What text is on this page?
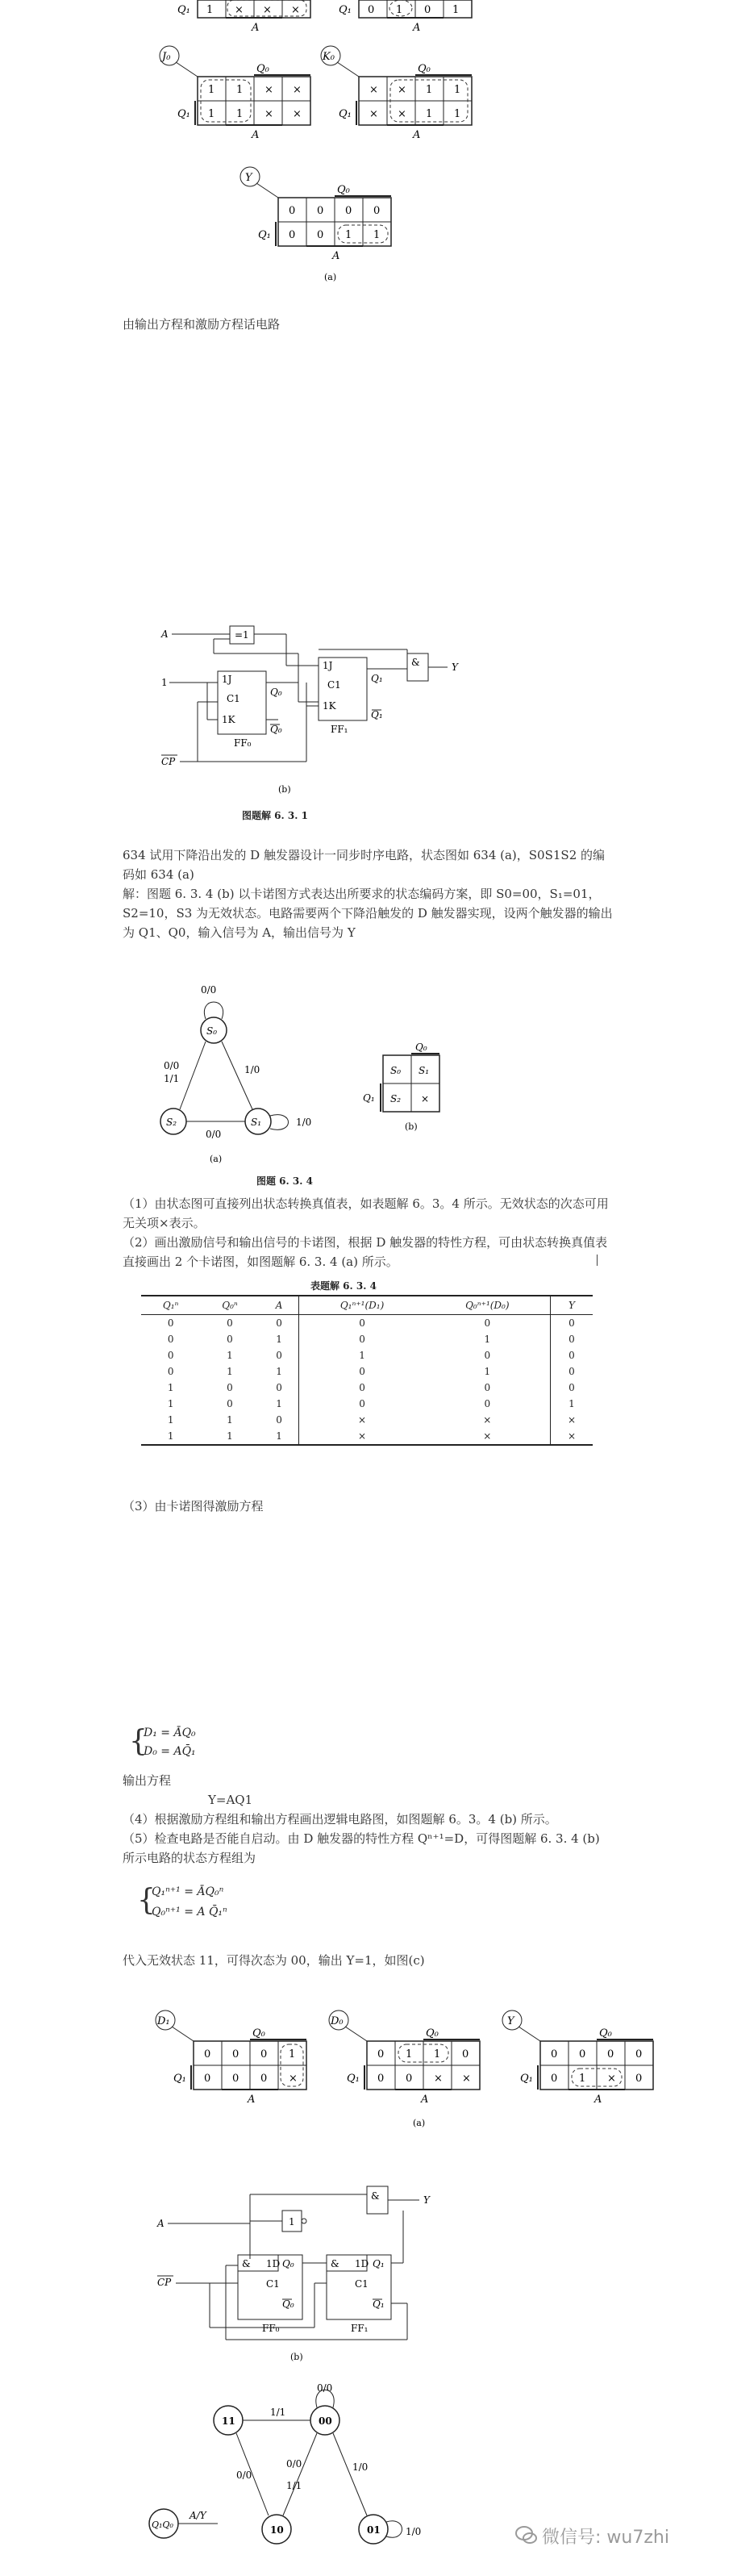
Q₁ 1 × × ×
A
Q₁ 0 1 0 1
A
J₀
Q₀
Q₁
1 1 × ×
1 1 × ×
A
K₀
Q₀
Q₁
× × 1 1
× × 1 1
A
Y
Q₀
Q₁
0 0 0 0
0 0 1 1
A
(a)
由输出方程和激励方程话电路
A	=1
1	1J
C1
1K
Q₀
Q₀
FF₀
1J
C1
1K
Q₁
Q₁
FF₁
&	Y
CP
(b)
图题解 6. 3. 1
634 试用下降沿出发的 D 触发器设计一同步时序电路，状态图如 634 (a)，S0S1S2 的编
码如 634 (a)
解：图题 6. 3. 4 (b) 以卡诺图方式表达出所要求的状态编码方案，即 S0=00，S₁=01，
S2=10，S3 为无效状态。电路需要两个下降沿触发的 D 触发器实现，设两个触发器的输出
为 Q1、Q0，输入信号为 A，输出信号为 Y
S₀
0/0
S₂	S₁
1/0
0/0
1/1
0/0
1/0
(a)
Q₀
Q₁
S₀ S₁
S₂ ×
(b)
图题 6. 3. 4
（1）由状态图可直接列出状态转换真值表，如表题解 6。3。4 所示。无效状态的次态可用
无关项×表示。
（2）画出激励信号和输出信号的卡诺图，根据 D 触发器的特性方程，可由状态转换真值表
直接画出 2 个卡诺图，如图题解 6. 3. 4 (a) 所示。
表题解 6. 3. 4
Q₁ⁿ	Q₀ⁿ	A	Q₁ⁿ⁺¹(D₁)	Q₀ⁿ⁺¹(D₀)	Y
0	0	0	0	0	0
0	0	1	0	1	0
0	1	0	1	0	0
0	1	1	0	1	0
1	0	0	0	0	0
1	0	1	0	0	1
1	1	0	×	×	×
1	1	1	×	×	×
（3）由卡诺图得激励方程
{
D₁ = ĀQ₀
D₀ = AQ̄₁
输出方程
Y=AQ1
（4）根据激励方程组和输出方程画出逻辑电路图，如图题解 6。3。4 (b) 所示。
（5）检查电路是否能自启动。由 D 触发器的特性方程 Qⁿ⁺¹=D，可得图题解 6. 3. 4 (b)
所示电路的状态方程组为
{
Q₁ⁿ⁺¹ = ĀQ₀ⁿ
Q₀ⁿ⁺¹ = A Q̄₁ⁿ
代入无效状态 11，可得次态为 00，输出 Y=1，如图(c)
D₁
Q₀
Q₁
0 0 0 1
0 0 0 ×
A
D₀
Q₀
Q₁
0 1 1 0
0 0 × ×
A
(a)
Y
Q₀
Q₁
0 0 0 0
0 1 × 0
A
A	1
&	Y
& 1D
C1
Q₀
Q₀
FF₀
& 1D
C1
Q₁
Q₁
FF₁
CP
(b)
11	00
0/0
1/1
10	01	1/0
0/0
0/0
1/1
1/0
Q₁Q₀
A/Y
微信号: wu7zhi
